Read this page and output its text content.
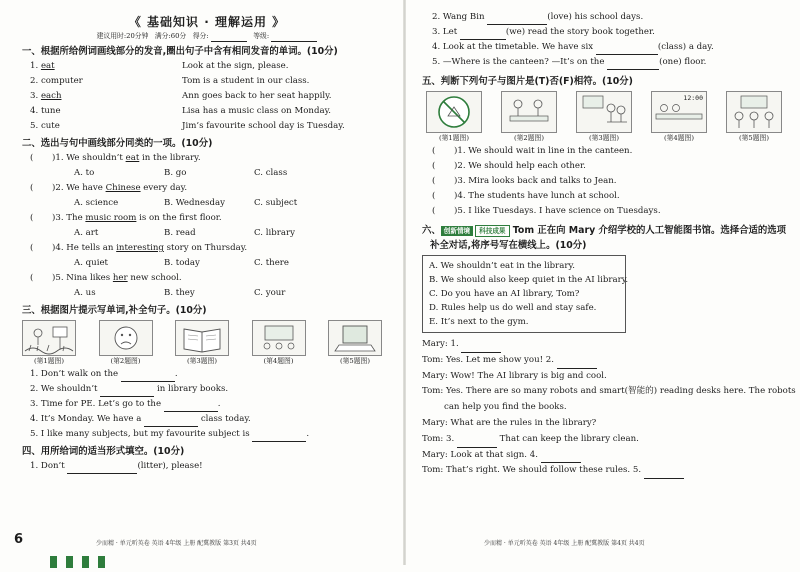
《 基础知识 · 理解运用 》
建议用时:20分钟 满分:60分 得分:	等级:
一、根据所给例词画线部分的发音,圈出句子中含有相同发音的单词。(10分)
1. eat	Look at the sign, please.
2. computer	Tom is a student in our class.
3. each	Ann goes back to her seat happily.
4. tune	Lisa has a music class on Monday.
5. cute	Jim’s favourite school day is Tuesday.
二、选出与句中画线部分同类的一项。(10分)
( )1. We shouldn’t eat in the library.
A. to	B. go	C. class
( )2. We have Chinese every day.
A. science	B. Wednesday	C. subject
( )3. The music room is on the first floor.
A. art	B. read	C. library
( )4. He tells an interesting story on Thursday.
A. quiet	B. today	C. there
( )5. Nina likes her new school.
A. us	B. they	C. your
三、根据图片提示写单词,补全句子。(10分)
(第1题图)	(第2题图)	(第3题图)	(第4题图)	(第5题图)
1. Don’t walk on the	.
2. We shouldn’t	in library books.
3. Time for PE. Let’s go to the	.
4. It’s Monday. We have a	class today.
5. I like many subjects, but my favourite subject is	.
四、用所给词的适当形式填空。(10分)
1. Don’t	(litter), please!
6	少而精 · 单元听英卷 英语 4年级 上册 配冀教版 第3页 共4页
2. Wang Bin	(love) his school days.
3. Let	(we) read the story book together.
4. Look at the timetable. We have six	(class) a day.
5. —Where is the canteen? —It’s on the	(one) floor.
五、判断下列句子与图片是(T)否(F)相符。(10分)
(第1题图)	(第2题图)	(第3题图)
12:00
(第4题图)	(第5题图)
( )1. We should wait in line in the canteen.
( )2. We should help each other.
( )3. Mira looks back and talks to Jean.
( )4. The students have lunch at school.
( )5. I like Tuesdays. I have science on Tuesdays.
六、 创新情境 科技成果 Tom 正在向 Mary 介绍学校的人工智能图书馆。选择合适的选项
补全对话,将序号写在横线上。(10分)
A. We shouldn’t eat in the library.
B. We should also keep quiet in the AI library.
C. Do you have an AI library, Tom?
D. Rules help us do well and stay safe.
E. It’s next to the gym.
Mary: 1.
Tom: Yes. Let me show you! 2.
Mary: Wow! The AI library is big and cool.
Tom: Yes. There are so many robots and smart(智能的) reading desks here. The robots
can help you find the books.
Mary: What are the rules in the library?
Tom: 3.	That can keep the library clean.
Mary: Look at that sign. 4.
Tom: That’s right. We should follow these rules. 5.
少而精 · 单元听英卷 英语 4年级 上册 配冀教版 第4页 共4页
